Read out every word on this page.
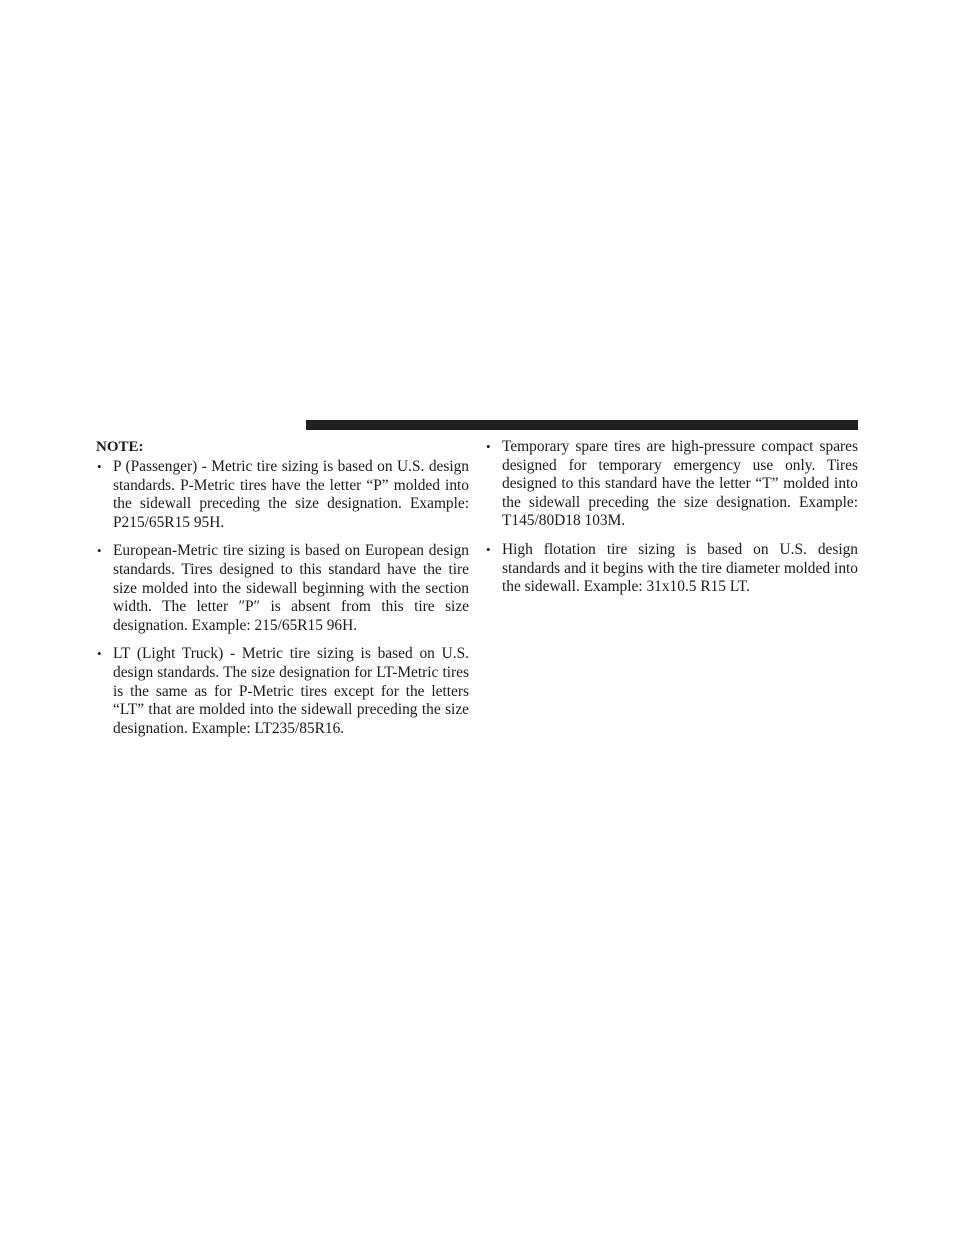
NOTE:
• P (Passenger) - Metric tire sizing is based on U.S. design standards. P-Metric tires have the letter “P” molded into the sidewall preceding the size designation. Example: P215/65R15 95H.
• European-Metric tire sizing is based on European design standards. Tires designed to this standard have the tire size molded into the sidewall beginning with the section width. The letter ″P″ is absent from this tire size designation. Example: 215/65R15 96H.
• LT (Light Truck) - Metric tire sizing is based on U.S. design standards. The size designation for LT-Metric tires is the same as for P-Metric tires except for the letters “LT” that are molded into the sidewall preceding the size designation. Example: LT235/85R16.
• Temporary spare tires are high-pressure compact spares designed for temporary emergency use only. Tires designed to this standard have the letter “T” molded into the sidewall preceding the size designation. Example: T145/80D18 103M.
• High flotation tire sizing is based on U.S. design standards and it begins with the tire diameter molded into the sidewall. Example: 31x10.5 R15 LT.
